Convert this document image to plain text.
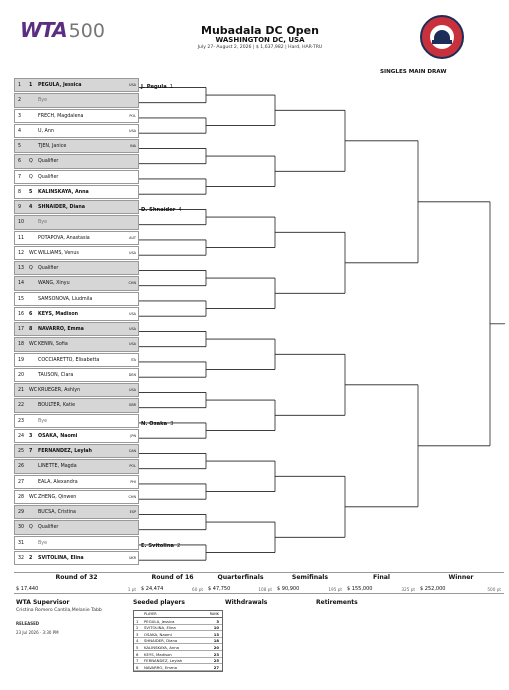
WTA 500	Mubadala DC Open
WASHINGTON DC, USA
July 27- August 2, 2026 | $ 1,637,982 | Hard, HAR-TRU
SINGLES MAIN DRAW
1	1	PEGULA, Jessica	USA
2	Bye
3	FRECH, Magdalena	POL
4	U, Ann	USA
5	TJEN, Janice	INA
6	Q	Qualifier
7	Q	Qualifier
8	5	KALINSKAYA, Anna
9	4	SHNAIDER, Diana
10	Bye
11	POTAPOVA, Anastasia	AUT
12	WC WILLIAMS, Venus	USA
13	Q	Qualifier
14	WANG, Xinyu	CHN
15	SAMSONOVA, Liudmila
16	6	KEYS, Madison	USA
17	8	NAVARRO, Emma	USA
18	WC KENIN, Sofia	USA
19	COCCIARETTO, Elisabetta	ITA
20	TAUSON, Clara	DEN
21	WC KRUEGER, Ashlyn	USA
22	BOULTER, Katie	GBR
23	Bye
24	3	OSAKA, Naomi	JPN
25	7	FERNANDEZ, Leylah	CAN
26	LINETTE, Magda	POL
27	EALA, Alexandra	PHI
28	WC ZHENG, Qinwen	CHN
29	BUCSA, Cristina	ESP
30	Q	Qualifier
31	Bye
32	2	SVITOLINA, Elina	UKR
J. Pegula 1
D. Shnaider 4
N. Osaka 3
E. Svitolina 2
Round of 32
$ 17,440	1 pt
Round of 16
$ 24,474	60 pt
Quarterfinals
$ 47,750	108 pt
Semifinals
$ 90,900	195 pt
Final
$ 155,000	325 pt
Winner
$ 252,000	500 pt
WTA Supervisor
Cristina Romero Cantila,Melanie Tabb
RELEASED
23 Jul 2026 · 3:30 PM
Seeded players	Withdrawals	Retirements
PLAYER	RANK
1 PEGULA, Jessica	3
2 SVITOLINA, Elina	10
3 OSAKA, Naomi	13
4 SHNAIDER, Diana	18
5 KALINSKAYA, Anna	20
6 KEYS, Madison	23
7 FERNANDEZ, Leylah	25
8 NAVARRO, Emma	27
